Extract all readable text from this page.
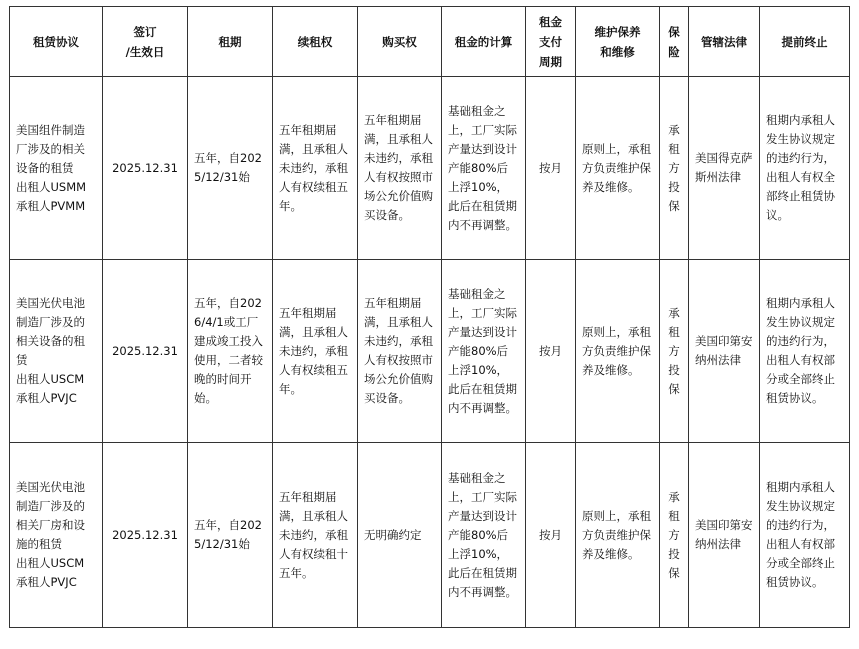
租赁协议	签订
/生效日	租期	续租权	购买权	租金的计算	租金
支付
周期	维护保养
和维修	保
险	管辖法律	提前终止
美国组件制造厂涉及的相关设备的租赁
出租人USMM
承租人PVMM	2025.12.31	五年，自2025/12/31始	五年租期届满，且承租人未违约，承租人有权续租五年。	五年租期届满，且承租人未违约，承租人有权按照市场公允价值购买设备。	基础租金之上，工厂实际产量达到设计产能80%后上浮10%，此后在租赁期内不再调整。	按月	原则上，承租方负责维护保养及维修。	承
租
方
投
保	美国得克萨斯州法律	租期内承租人发生协议规定的违约行为，出租人有权全部终止租赁协议。
美国光伏电池制造厂涉及的相关设备的租赁
出租人USCM
承租人PVJC	2025.12.31	五年，自2026/4/1或工厂建成竣工投入使用，二者较晚的时间开始。	五年租期届满，且承租人未违约，承租人有权续租五年。	五年租期届满，且承租人未违约，承租人有权按照市场公允价值购买设备。	基础租金之上，工厂实际产量达到设计产能80%后上浮10%，此后在租赁期内不再调整。	按月	原则上，承租方负责维护保养及维修。	承
租
方
投
保	美国印第安纳州法律	租期内承租人发生协议规定的违约行为，出租人有权部分或全部终止租赁协议。
美国光伏电池制造厂涉及的相关厂房和设施的租赁
出租人USCM
承租人PVJC	2025.12.31	五年，自2025/12/31始	五年租期届满，且承租人未违约，承租人有权续租十五年。	无明确约定	基础租金之上，工厂实际产量达到设计产能80%后上浮10%，此后在租赁期内不再调整。	按月	原则上，承租方负责维护保养及维修。	承
租
方
投
保	美国印第安纳州法律	租期内承租人发生协议规定的违约行为，出租人有权部分或全部终止租赁协议。
